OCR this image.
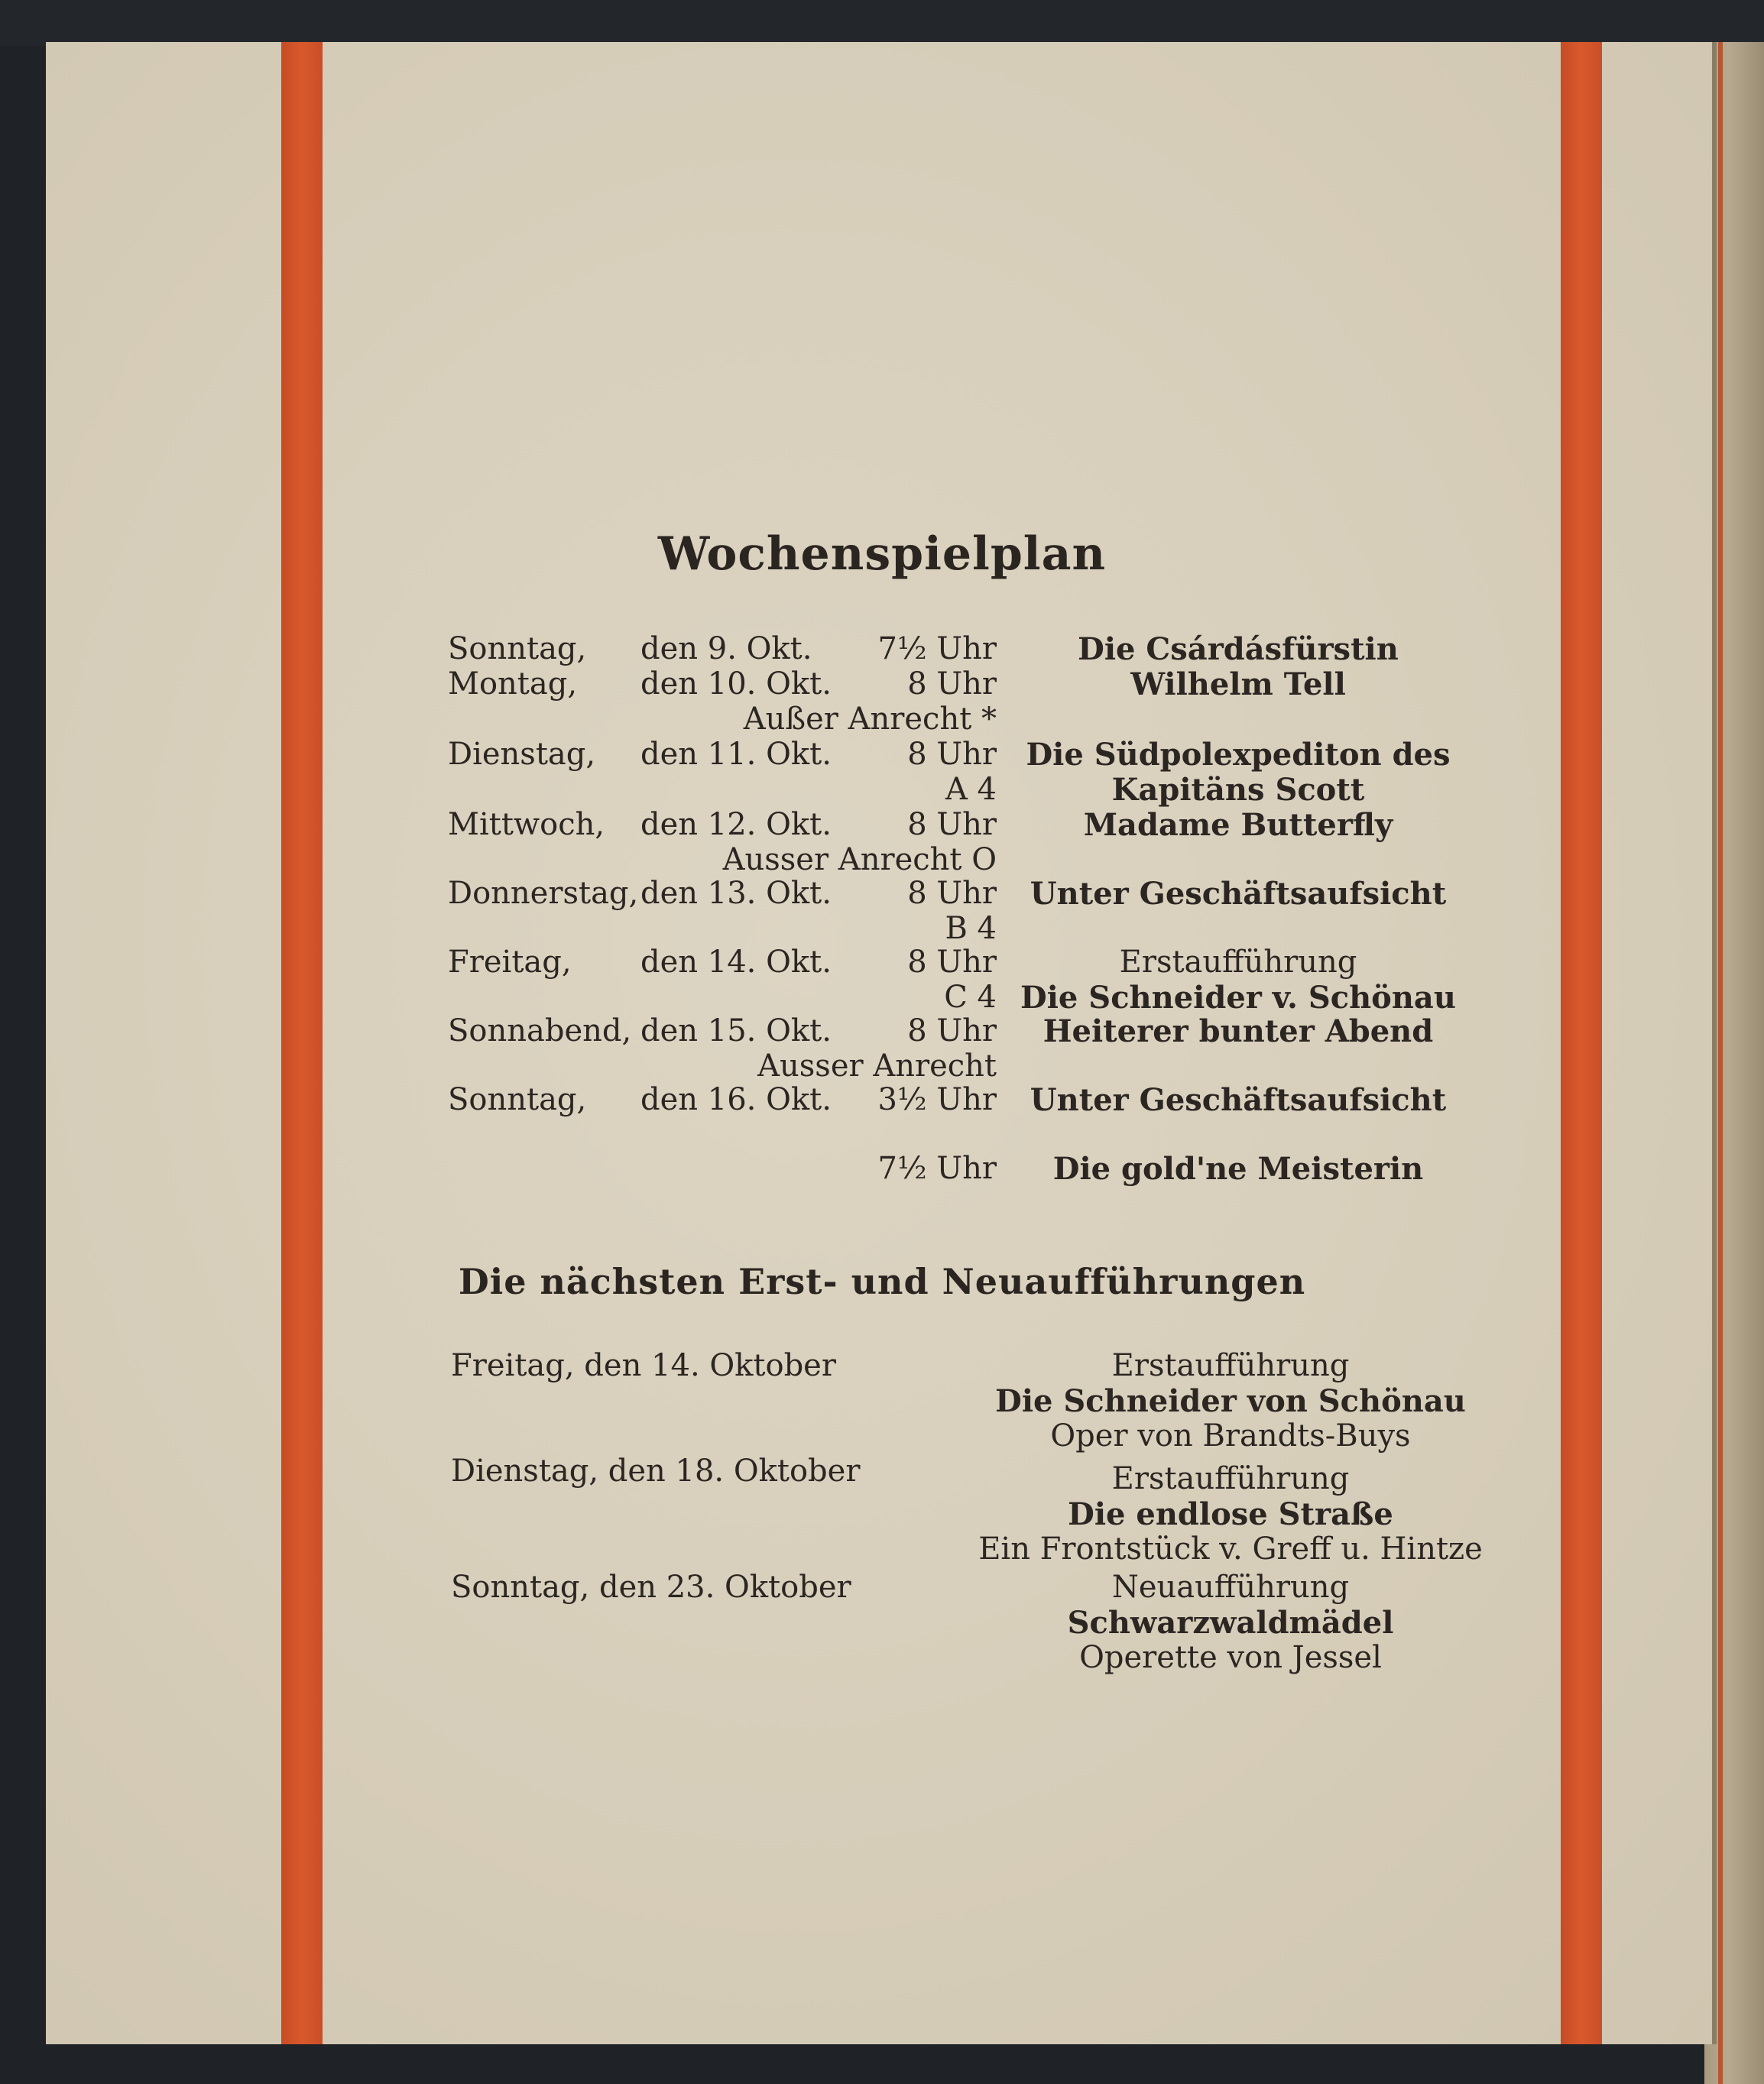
Wochenspielplan
Sonntag, den 9. Okt.	7½ Uhr	Die Csárdásfürstin
Montag, den 10. Okt.	8 Uhr	Wilhelm Tell
Außer Anrecht *
Dienstag, den 11. Okt.	8 Uhr Die Südpolexpediton des
A 4	Kapitäns Scott
Mittwoch, den 12. Okt.	8 Uhr	Madame Butterfly
Ausser Anrecht O
Donnerstag, den 13. Okt.	8 Uhr	Unter Geschäftsaufsicht
B 4
Freitag, den 14. Okt.	8 Uhr	Erstaufführung
C 4 Die Schneider v. Schönau
Sonnabend, den 15. Okt.	8 Uhr	Heiterer bunter Abend
Ausser Anrecht
Sonntag, den 16. Okt.	3½ Uhr	Unter Geschäftsaufsicht
7½ Uhr	Die gold'ne Meisterin
Die nächsten Erst- und Neuaufführungen
Freitag, den 14. Oktober	Erstaufführung
Die Schneider von Schönau
Oper von Brandts-Buys
Dienstag, den 18. Oktober	Erstaufführung
Die endlose Straße
Ein Frontstück v. Greff u. Hintze
Sonntag, den 23. Oktober	Neuaufführung
Schwarzwaldmädel
Operette von Jessel
